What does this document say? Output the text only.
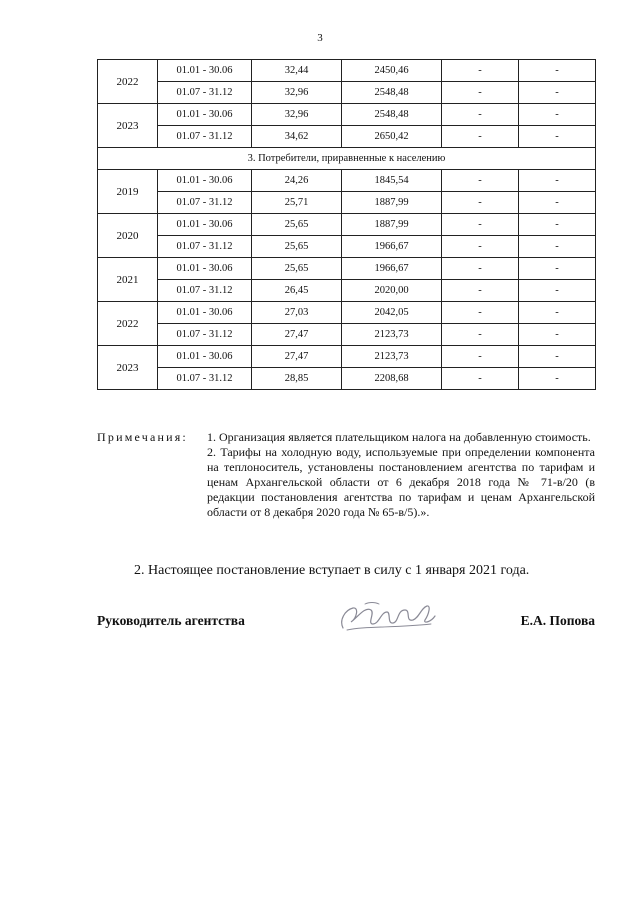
3
2022	01.01 - 30.06	32,44	2450,46	-	-
	01.07 - 31.12	32,96	2548,48	-	-
2023	01.01 - 30.06	32,96	2548,48	-	-
	01.07 - 31.12	34,62	2650,42	-	-
3. Потребители, приравненные к населению					
2019	01.01 - 30.06	24,26	1845,54	-	-
	01.07 - 31.12	25,71	1887,99	-	-
2020	01.01 - 30.06	25,65	1887,99	-	-
	01.07 - 31.12	25,65	1966,67	-	-
2021	01.01 - 30.06	25,65	1966,67	-	-
	01.07 - 31.12	26,45	2020,00	-	-
2022	01.01 - 30.06	27,03	2042,05	-	-
	01.07 - 31.12	27,47	2123,73	-	-
2023	01.01 - 30.06	27,47	2123,73	-	-
	01.07 - 31.12	28,85	2208,68	-	-
Примечания:	1. Организация является плательщиком налога на добавленную стоимость.
2. Тарифы на холодную воду, используемые при определении компонента на теплоноситель, установлены постановлением агентства по тарифам и ценам Архангельской области от 6 декабря 2018 года № 71-в/20 (в редакции постановления агентства по тарифам и ценам Архангельской области от 8 декабря 2020 года № 65-в/5).».
2. Настоящее постановление вступает в силу с 1 января 2021 года.
Руководитель агентства	Е.А. Попова
